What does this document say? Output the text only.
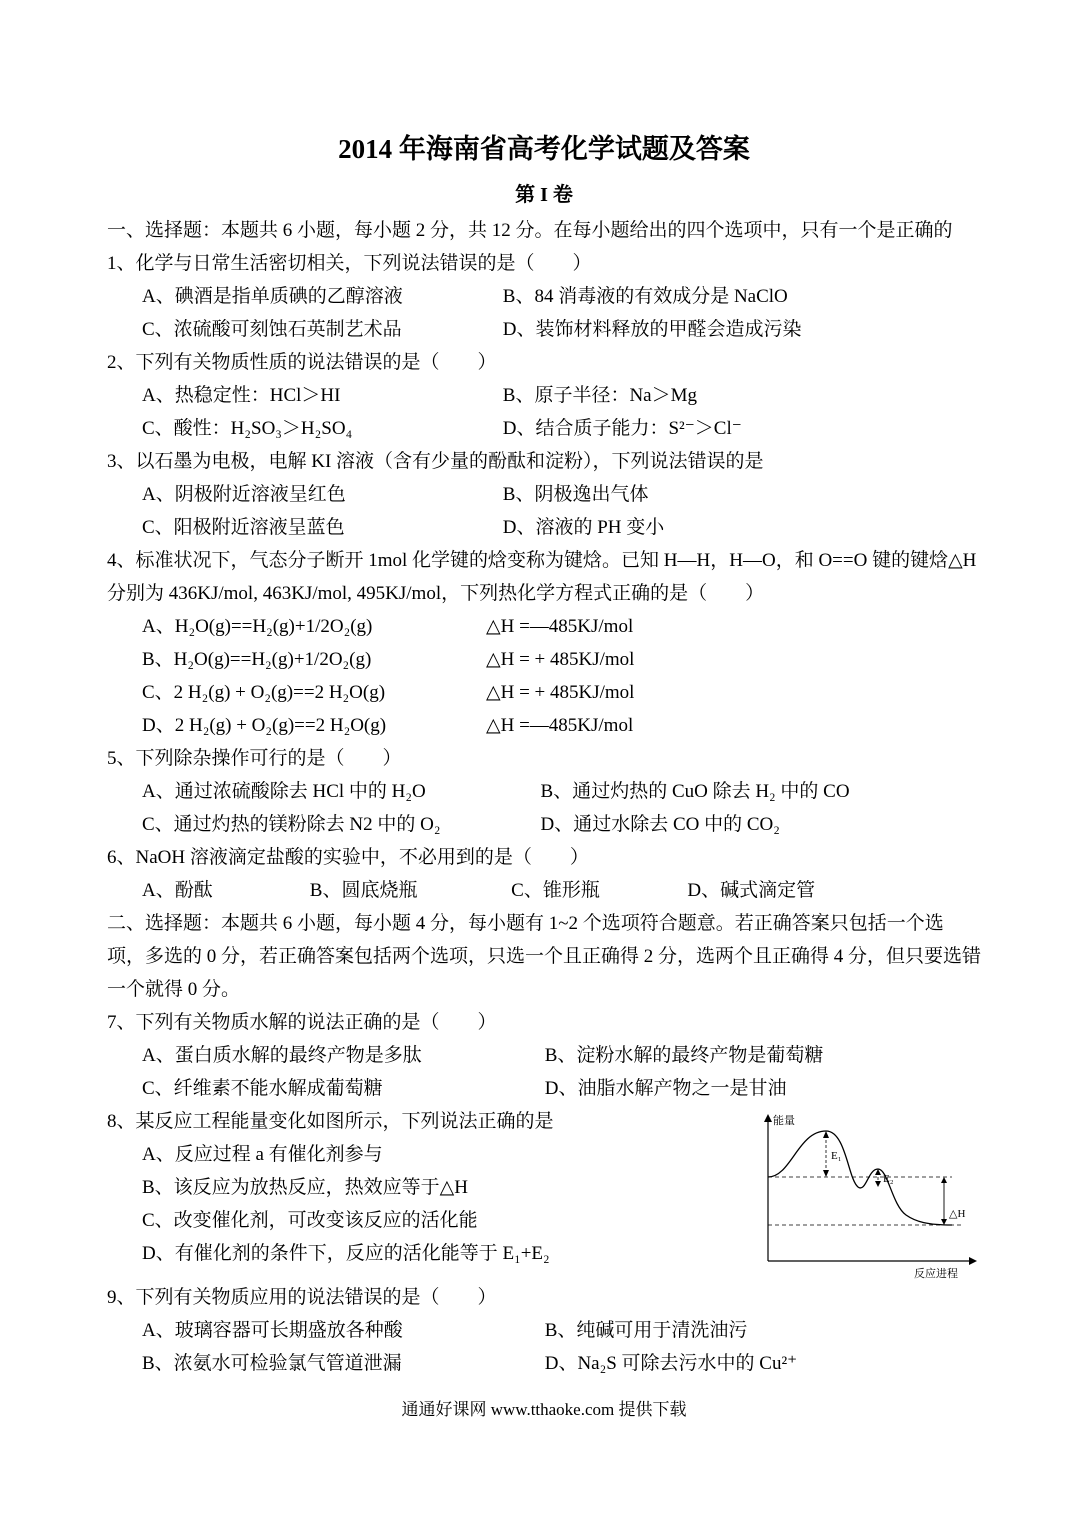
2014 年海南省高考化学试题及答案
第 I 卷

一、选择题：本题共 6 小题，每小题 2 分，共 12 分。在每小题给出的四个选项中，只有一个是正确的

1、化学与日常生活密切相关，下列说法错误的是（　　）

A、碘酒是指单质碘的乙醇溶液	B、84 消毒液的有效成分是 NaClO
C、浓硫酸可刻蚀石英制艺术品	D、装饰材料释放的甲醛会造成污染

2、下列有关物质性质的说法错误的是（　　）

A、热稳定性：HCl＞HI	B、原子半径：Na＞Mg
C、酸性：H₂SO₃＞H₂SO₄	D、结合质子能力：S²⁻＞Cl⁻

3、以石墨为电极，电解 KI 溶液（含有少量的酚酞和淀粉），下列说法错误的是

A、阴极附近溶液呈红色	B、阴极逸出气体
C、阳极附近溶液呈蓝色	D、溶液的 PH 变小

4、标准状况下，气态分子断开 1mol 化学键的焓变称为键焓。已知 H—H，H—O，和 O==O 键的键焓△H 分别为 436KJ/mol, 463KJ/mol, 495KJ/mol，下列热化学方程式正确的是（　　）

A、H₂O(g)==H₂(g)+1/2O₂(g)	△H =—485KJ/mol
B、H₂O(g)==H₂(g)+1/2O₂(g)	△H = + 485KJ/mol
C、2 H₂(g) + O₂(g)==2 H₂O(g)	△H = + 485KJ/mol
D、2 H₂(g) + O₂(g)==2 H₂O(g)	△H =—485KJ/mol

5、下列除杂操作可行的是（　　）

A、通过浓硫酸除去 HCl 中的 H₂O	B、通过灼热的 CuO 除去 H₂ 中的 CO
C、通过灼热的镁粉除去 N2 中的 O₂	D、通过水除去 CO 中的 CO₂

6、NaOH 溶液滴定盐酸的实验中，不必用到的是（　　）

A、酚酞	B、圆底烧瓶	C、锥形瓶	D、碱式滴定管

二、选择题：本题共 6 小题，每小题 4 分，每小题有 1~2 个选项符合题意。若正确答案只包括一个选项，多选的 0 分，若正确答案包括两个选项，只选一个且正确得 2 分，选两个且正确得 4 分，但只要选错一个就得 0 分。

7、下列有关物质水解的说法正确的是（　　）

A、蛋白质水解的最终产物是多肽	B、淀粉水解的最终产物是葡萄糖
C、纤维素不能水解成葡萄糖	D、油脂水解产物之一是甘油

8、某反应工程能量变化如图所示，下列说法正确的是

A、反应过程 a 有催化剂参与

B、该反应为放热反应，热效应等于△H

C、改变催化剂，可改变该反应的活化能

D、有催化剂的条件下，反应的活化能等于 E₁+E₂

能量
反应进程
E₁
E₂
△H

9、下列有关物质应用的说法错误的是（　　）

A、玻璃容器可长期盛放各种酸	B、纯碱可用于清洗油污
B、浓氨水可检验氯气管道泄漏	D、Na₂S 可除去污水中的 Cu²⁺

通通好课网 www.tthaoke.com 提供下载
